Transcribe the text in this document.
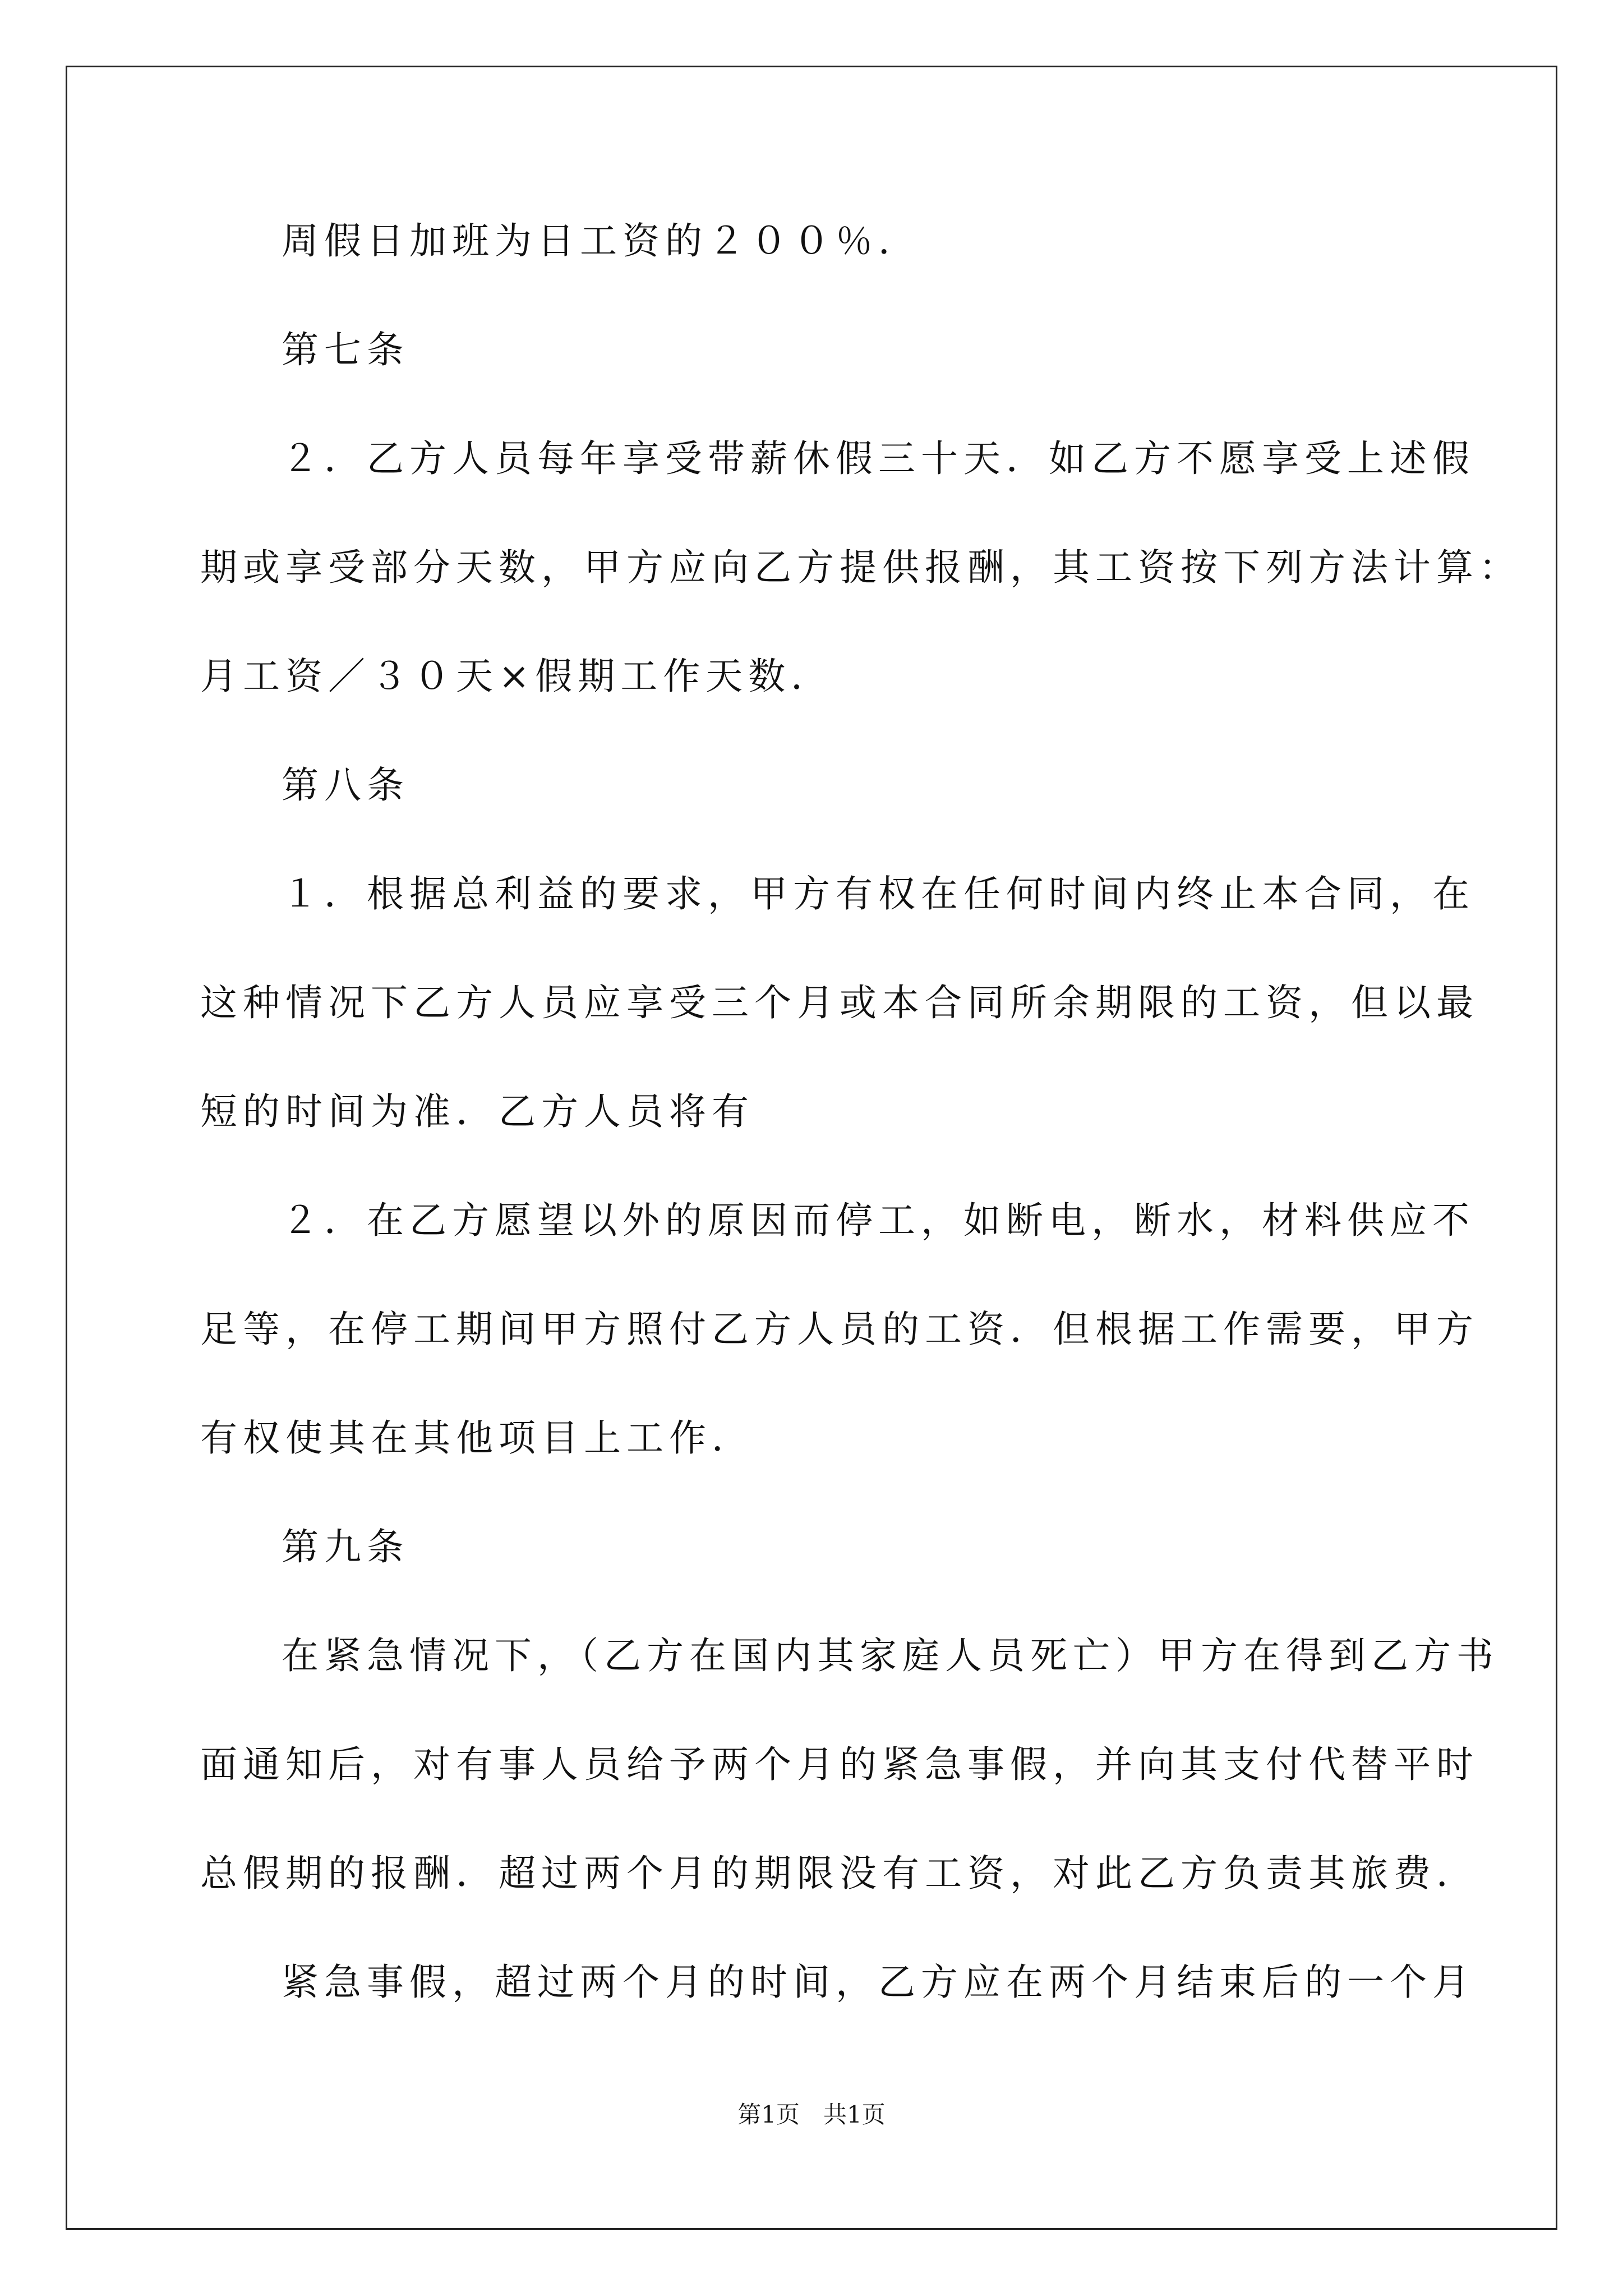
周假日加班为日工资的２００％．
第七条
２．乙方人员每年享受带薪休假三十天．如乙方不愿享受上述假
期或享受部分天数，甲方应向乙方提供报酬，其工资按下列方法计算：
月工资／３０天×假期工作天数．
第八条
１．根据总利益的要求，甲方有权在任何时间内终止本合同，在
这种情况下乙方人员应享受三个月或本合同所余期限的工资，但以最
短的时间为准．乙方人员将有
２．在乙方愿望以外的原因而停工，如断电，断水，材料供应不
足等，在停工期间甲方照付乙方人员的工资．但根据工作需要，甲方
有权使其在其他项目上工作．
第九条
在紧急情况下，（乙方在国内其家庭人员死亡）甲方在得到乙方书
面通知后，对有事人员给予两个月的紧急事假，并向其支付代替平时
总假期的报酬．超过两个月的期限没有工资，对此乙方负责其旅费．
紧急事假，超过两个月的时间，乙方应在两个月结束后的一个月
第1页　共1页
